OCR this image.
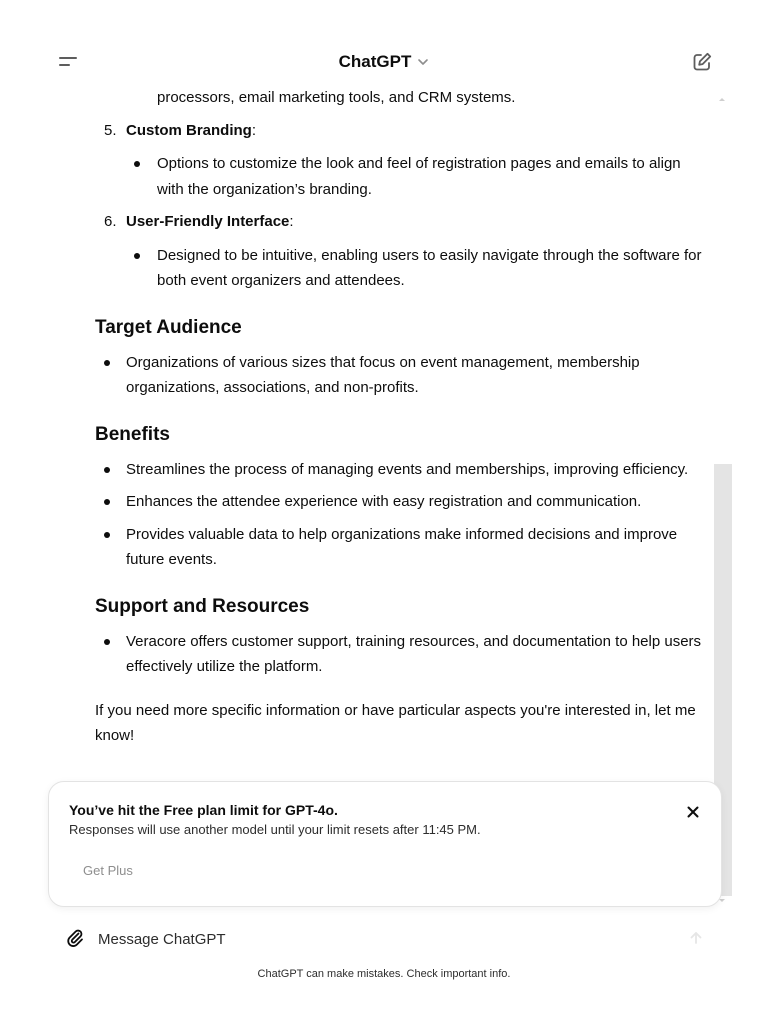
ChatGPT
processors, email marketing tools, and CRM systems.
5. Custom Branding:
Options to customize the look and feel of registration pages and emails to align with the organization’s branding.
6. User-Friendly Interface:
Designed to be intuitive, enabling users to easily navigate through the software for both event organizers and attendees.
Target Audience
Organizations of various sizes that focus on event management, membership organizations, associations, and non-profits.
Benefits
Streamlines the process of managing events and memberships, improving efficiency.
Enhances the attendee experience with easy registration and communication.
Provides valuable data to help organizations make informed decisions and improve future events.
Support and Resources
Veracore offers customer support, training resources, and documentation to help users effectively utilize the platform.

If you need more specific information or have particular aspects you're interested in, let me know!

You’ve hit the Free plan limit for GPT-4o.
Responses will use another model until your limit resets after 11:45 PM.
Get Plus
Message ChatGPT
ChatGPT can make mistakes. Check important info.
